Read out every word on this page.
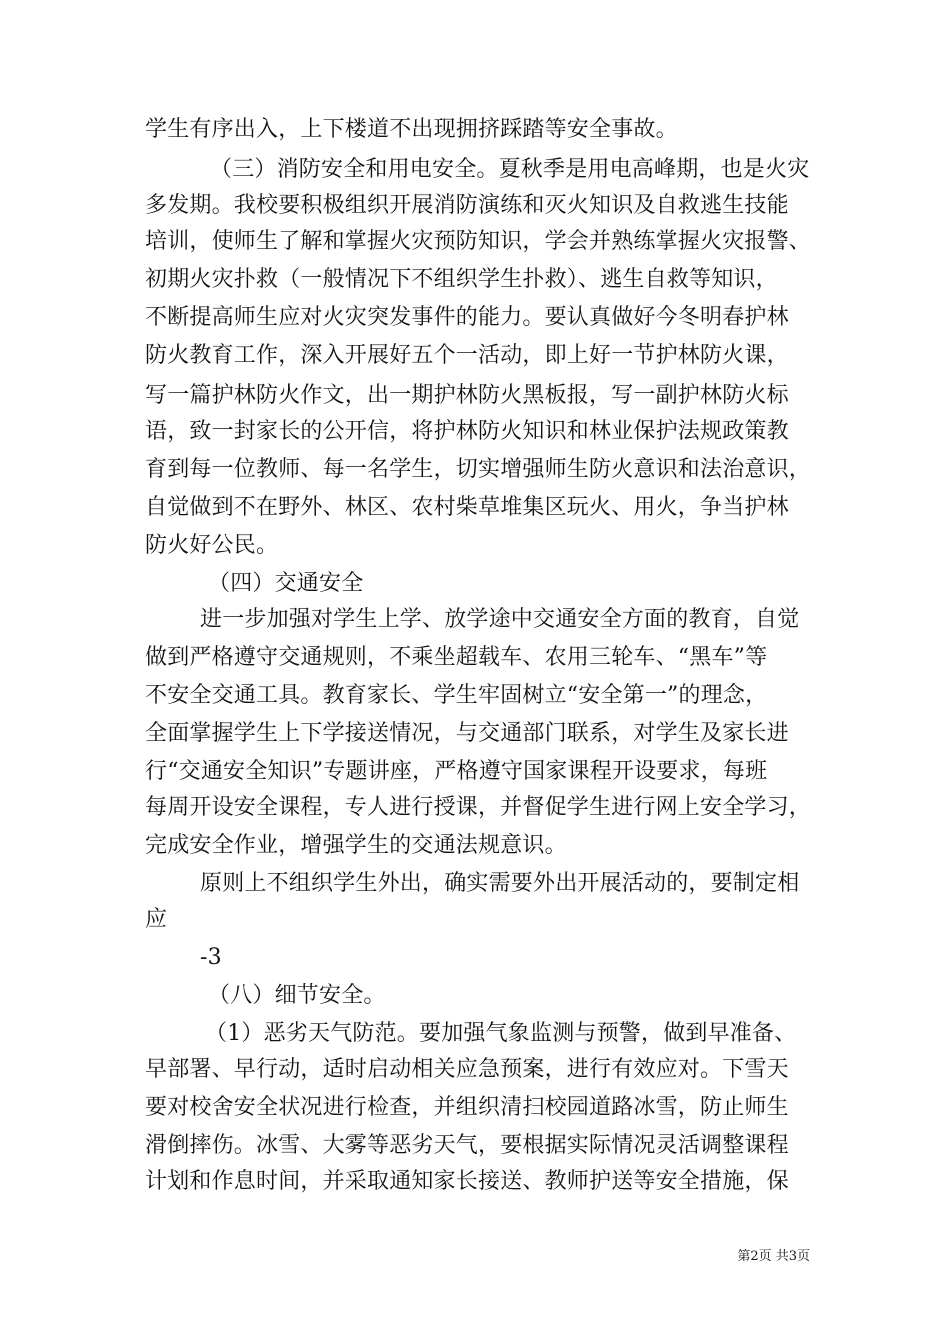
学生有序出入，上下楼道不出现拥挤踩踏等安全事故。
（三）消防安全和用电安全。夏秋季是用电高峰期，也是火灾
多发期。我校要积极组织开展消防演练和灭火知识及自救逃生技能
培训，使师生了解和掌握火灾预防知识，学会并熟练掌握火灾报警、
初期火灾扑救（一般情况下不组织学生扑救）、逃生自救等知识，
不断提高师生应对火灾突发事件的能力。要认真做好今冬明春护林
防火教育工作，深入开展好五个一活动，即上好一节护林防火课，
写一篇护林防火作文，出一期护林防火黑板报，写一副护林防火标
语，致一封家长的公开信，将护林防火知识和林业保护法规政策教
育到每一位教师、每一名学生，切实增强师生防火意识和法治意识，
自觉做到不在野外、林区、农村柴草堆集区玩火、用火，争当护林
防火好公民。
（四）交通安全
进一步加强对学生上学、放学途中交通安全方面的教育，自觉
做到严格遵守交通规则，不乘坐超载车、农用三轮车、“黑车”等
不安全交通工具。教育家长、学生牢固树立“安全第一”的理念，
全面掌握学生上下学接送情况，与交通部门联系，对学生及家长进
行“交通安全知识”专题讲座，严格遵守国家课程开设要求，每班
每周开设安全课程，专人进行授课，并督促学生进行网上安全学习，
完成安全作业，增强学生的交通法规意识。
原则上不组织学生外出，确实需要外出开展活动的，要制定相
应
-3
（八）细节安全。
（1）恶劣天气防范。要加强气象监测与预警，做到早准备、
早部署、早行动，适时启动相关应急预案，进行有效应对。下雪天
要对校舍安全状况进行检查，并组织清扫校园道路冰雪，防止师生
滑倒摔伤。冰雪、大雾等恶劣天气，要根据实际情况灵活调整课程
计划和作息时间，并采取通知家长接送、教师护送等安全措施，保
第2页 共3页
